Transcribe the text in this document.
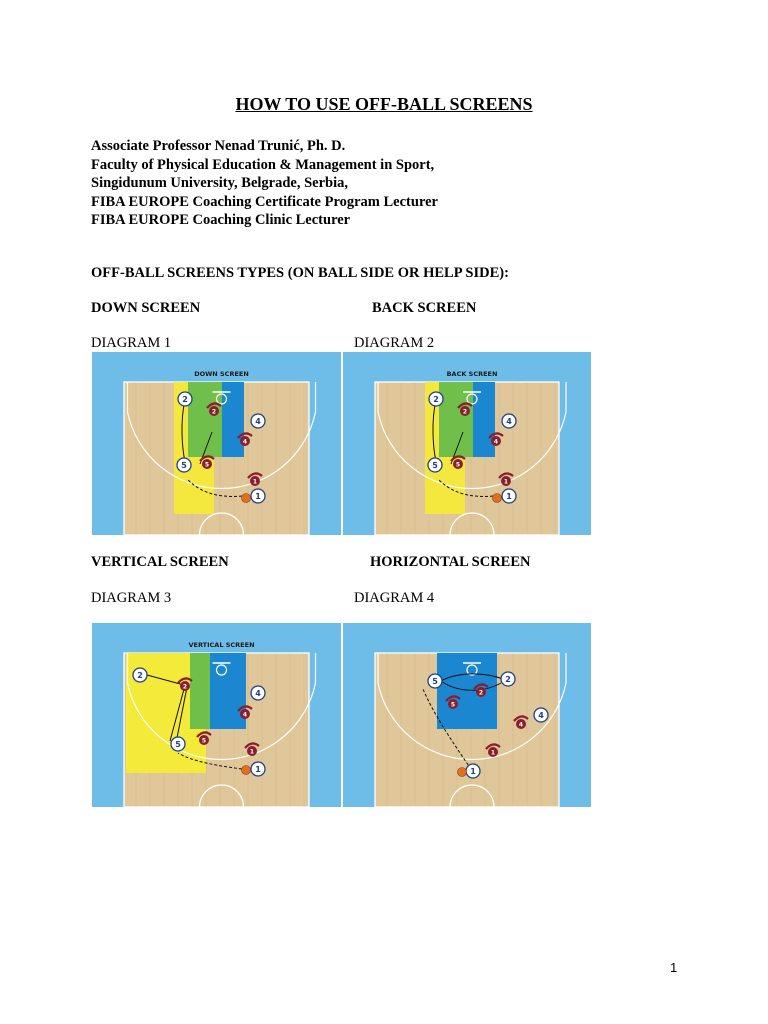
HOW TO USE OFF-BALL SCREENS
Associate Professor Nenad Trunić, Ph. D.
Faculty of Physical Education & Management in Sport,
Singidunum University, Belgrade, Serbia,
FIBA EUROPE Coaching Certificate Program Lecturer
FIBA EUROPE Coaching Clinic Lecturer
OFF-BALL SCREENS TYPES (ON BALL SIDE OR HELP SIDE):
DOWN SCREEN	BACK SCREEN
DIAGRAM 1	DIAGRAM 2
DOWN SCREEN
2
2
4
4
5	5
1
1
BACK SCREEN
2
2
4
4
5	5
1
1
VERTICAL SCREEN	HORIZONTAL SCREEN
DIAGRAM 3	DIAGRAM 4
VERTICAL SCREEN
2
2
4
4
5	5
1
1
5
5
2
2
4
4
1
1
1
